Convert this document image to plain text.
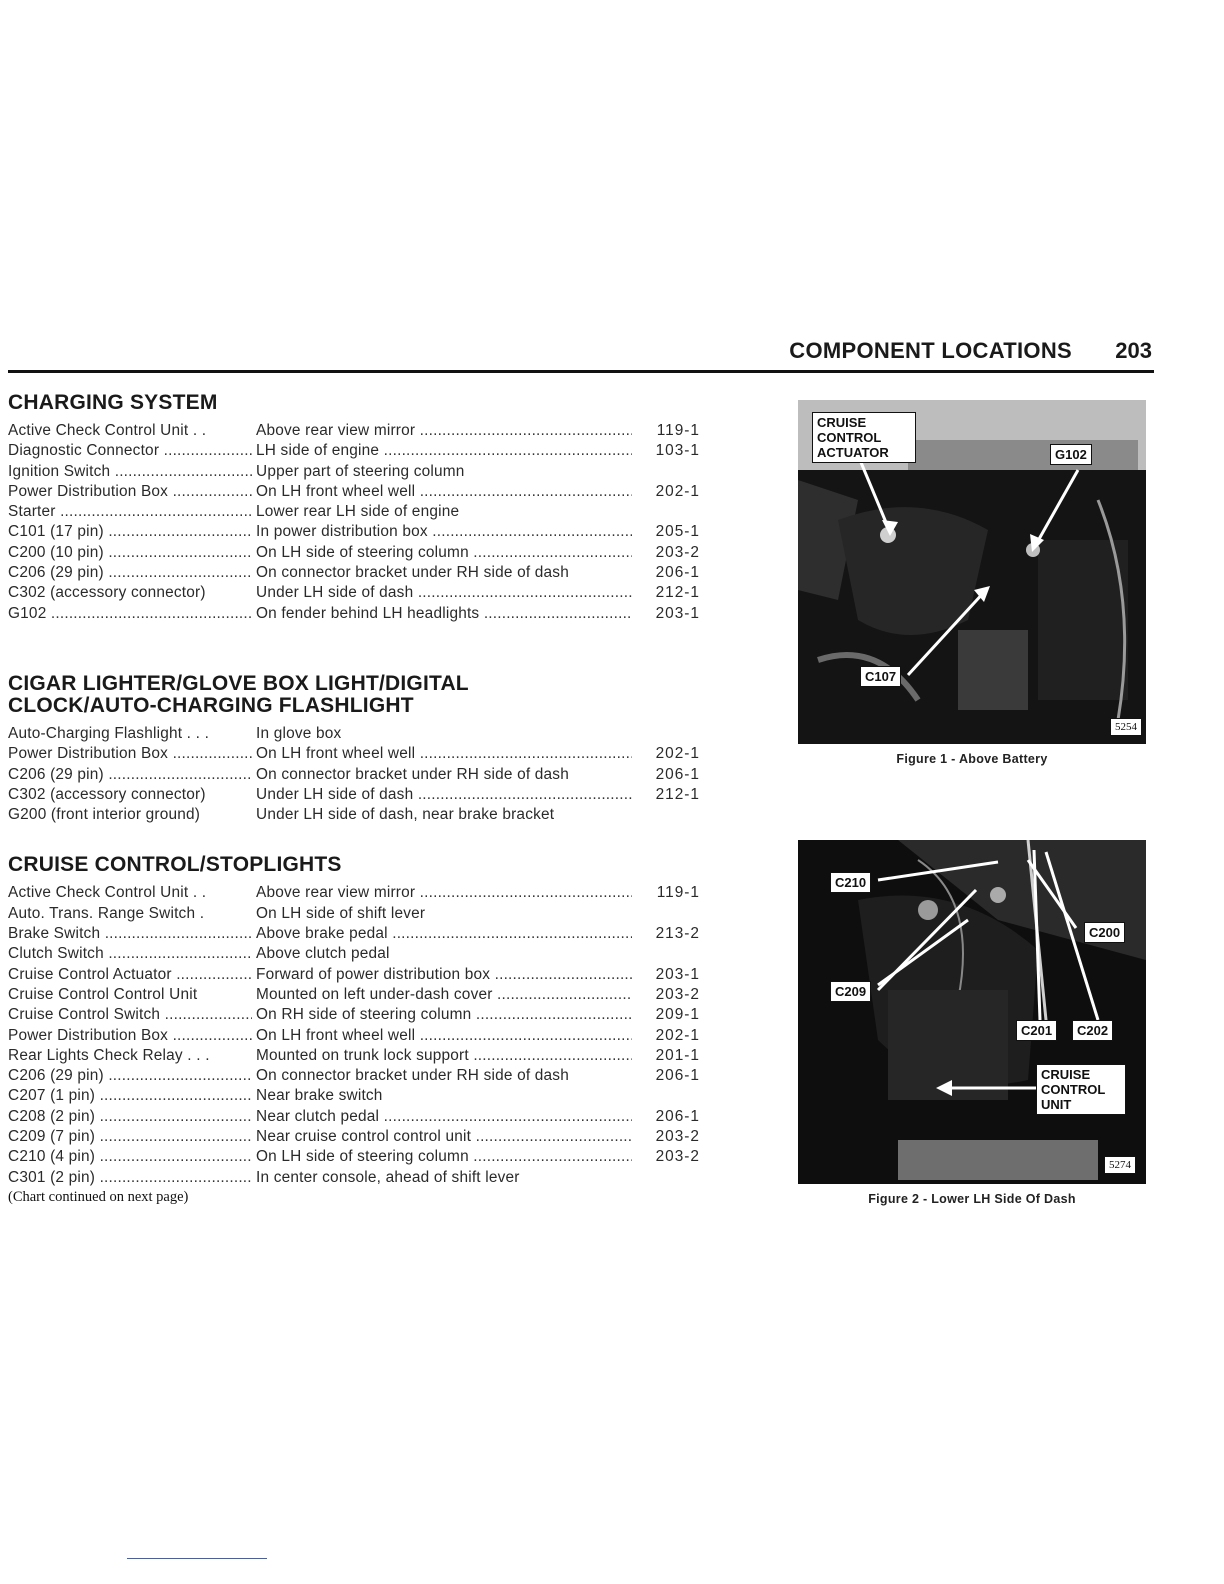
COMPONENT LOCATIONS 203
CHARGING SYSTEM
Active Check Control Unit . .	Above rear view mirror .....	119-1
Diagnostic Connector .....	LH side of engine .....	103-1
Ignition Switch .....	Upper part of steering column
Power Distribution Box .....	On LH front wheel well .....	202-1
Starter .....	Lower rear LH side of engine
C101 (17 pin) .....	In power distribution box .....	205-1
C200 (10 pin) .....	On LH side of steering column .....	203-2
C206 (29 pin) .....	On connector bracket under RH side of dash	206-1
C302 (accessory connector)	Under LH side of dash .....	212-1
G102 .....	On fender behind LH headlights .....	203-1
CIGAR LIGHTER/GLOVE BOX LIGHT/DIGITAL CLOCK/AUTO-CHARGING FLASHLIGHT
Auto-Charging Flashlight . . .	In glove box
Power Distribution Box .....	On LH front wheel well .....	202-1
C206 (29 pin) .....	On connector bracket under RH side of dash	206-1
C302 (accessory connector)	Under LH side of dash .....	212-1
G200 (front interior ground)	Under LH side of dash, near brake bracket
CRUISE CONTROL/STOPLIGHTS
Active Check Control Unit . .	Above rear view mirror .....	119-1
Auto. Trans. Range Switch .	On LH side of shift lever
Brake Switch .....	Above brake pedal .....	213-2
Clutch Switch .....	Above clutch pedal
Cruise Control Actuator .....	Forward of power distribution box .....	203-1
Cruise Control Control Unit	Mounted on left under-dash cover .....	203-2
Cruise Control Switch .....	On RH side of steering column .....	209-1
Power Distribution Box .....	On LH front wheel well .....	202-1
Rear Lights Check Relay . . .	Mounted on trunk lock support .....	201-1
C206 (29 pin) .....	On connector bracket under RH side of dash	206-1
C207 (1 pin) .....	Near brake switch
C208 (2 pin) .....	Near clutch pedal .....	206-1
C209 (7 pin) .....	Near cruise control control unit .....	203-2
C210 (4 pin) .....	On LH side of steering column .....	203-2
C301 (2 pin) .....	In center console, ahead of shift lever
(Chart continued on next page)
CRUISE CONTROL ACTUATOR	G102
C107
5254
Figure 1 - Above Battery
C210
C200
C209
C201	C202
CRUISE CONTROL UNIT
5274
Figure 2 - Lower LH Side Of Dash
